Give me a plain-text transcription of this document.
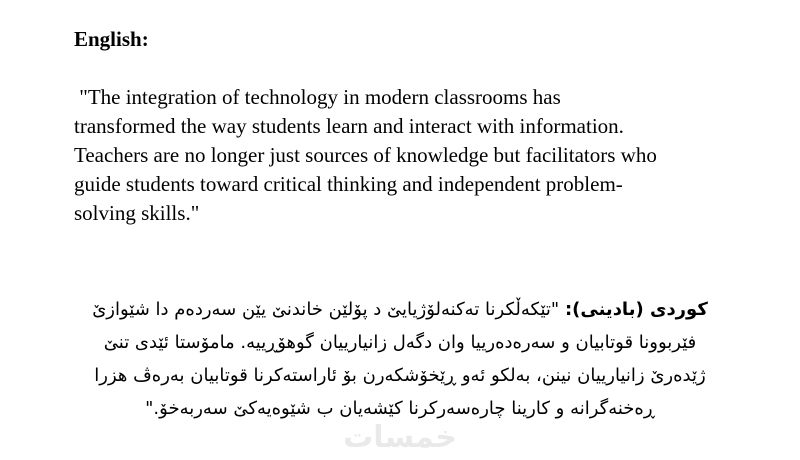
English:
"The integration of technology in modern classrooms has
transformed the way students learn and interact with information.
Teachers are no longer just sources of knowledge but facilitators who
guide students toward critical thinking and independent problem-
solving skills."
کوردی (بادینی): "تێکەڵکرنا تەکنەلۆژیایێ د پۆلێن خاندنێ یێن سەردەم دا شێوازێ
فێربوونا قوتابیان و سەرەدەرییا وان دگەل زانیارییان گوهۆڕییە. مامۆستا ئێدی تنێ
ژێدەرێ زانیارییان نینن، بەلکو ئەو ڕێخۆشکەرن بۆ ئاراستەکرنا قوتابیان بەرەڤ هزرا
ڕەخنەگرانە و کارینا چارەسەرکرنا کێشەیان ب شێوەیەکێ سەربەخۆ."
خمسات
